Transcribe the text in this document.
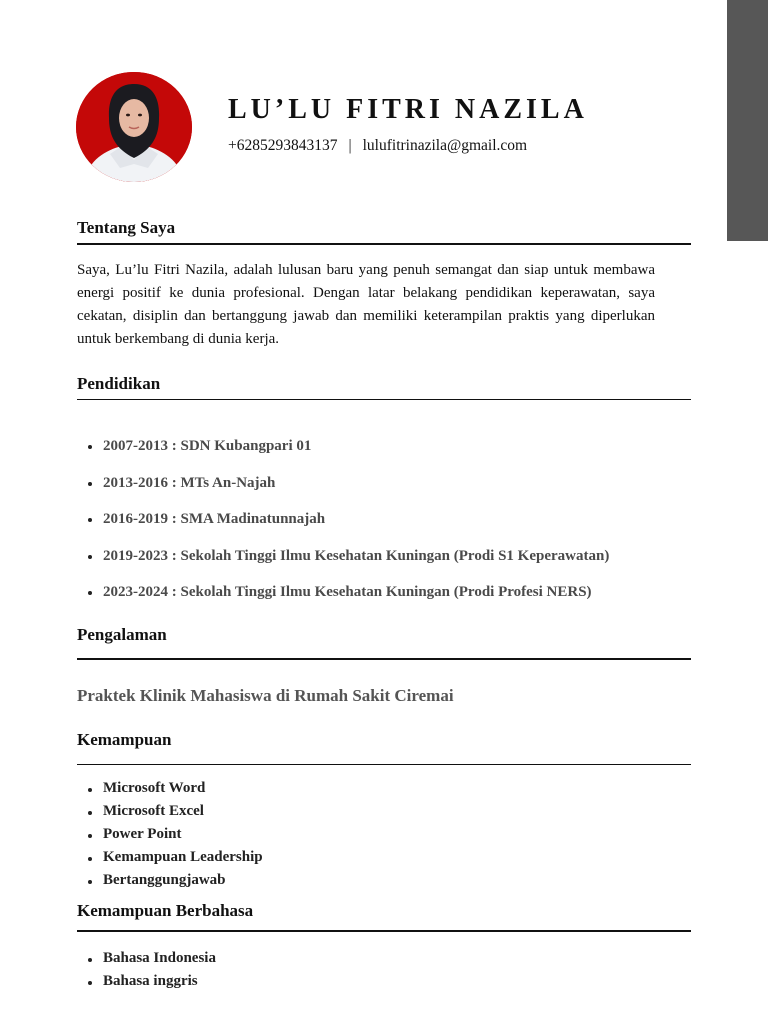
LU’LU FITRI NAZILA
+6285293843137 | lulufitrinazila@gmail.com
Tentang Saya

Saya, Lu’lu Fitri Nazila, adalah lulusan baru yang penuh semangat dan siap untuk membawa energi positif ke dunia profesional. Dengan latar belakang pendidikan keperawatan, saya cekatan, disiplin dan bertanggung jawab dan memiliki keterampilan praktis yang diperlukan untuk berkembang di dunia kerja.

Pendidikan
2007-2013 : SDN Kubangpari 01
2013-2016 : MTs An-Najah
2016-2019 : SMA Madinatunnajah
2019-2023 : Sekolah Tinggi Ilmu Kesehatan Kuningan (Prodi S1 Keperawatan)
2023-2024 : Sekolah Tinggi Ilmu Kesehatan Kuningan (Prodi Profesi NERS)
Pengalaman

Praktek Klinik Mahasiswa di Rumah Sakit Ciremai

Kemampuan
Microsoft Word
Microsoft Excel
Power Point
Kemampuan Leadership
Bertanggungjawab
Kemampuan Berbahasa
Bahasa Indonesia
Bahasa inggris
